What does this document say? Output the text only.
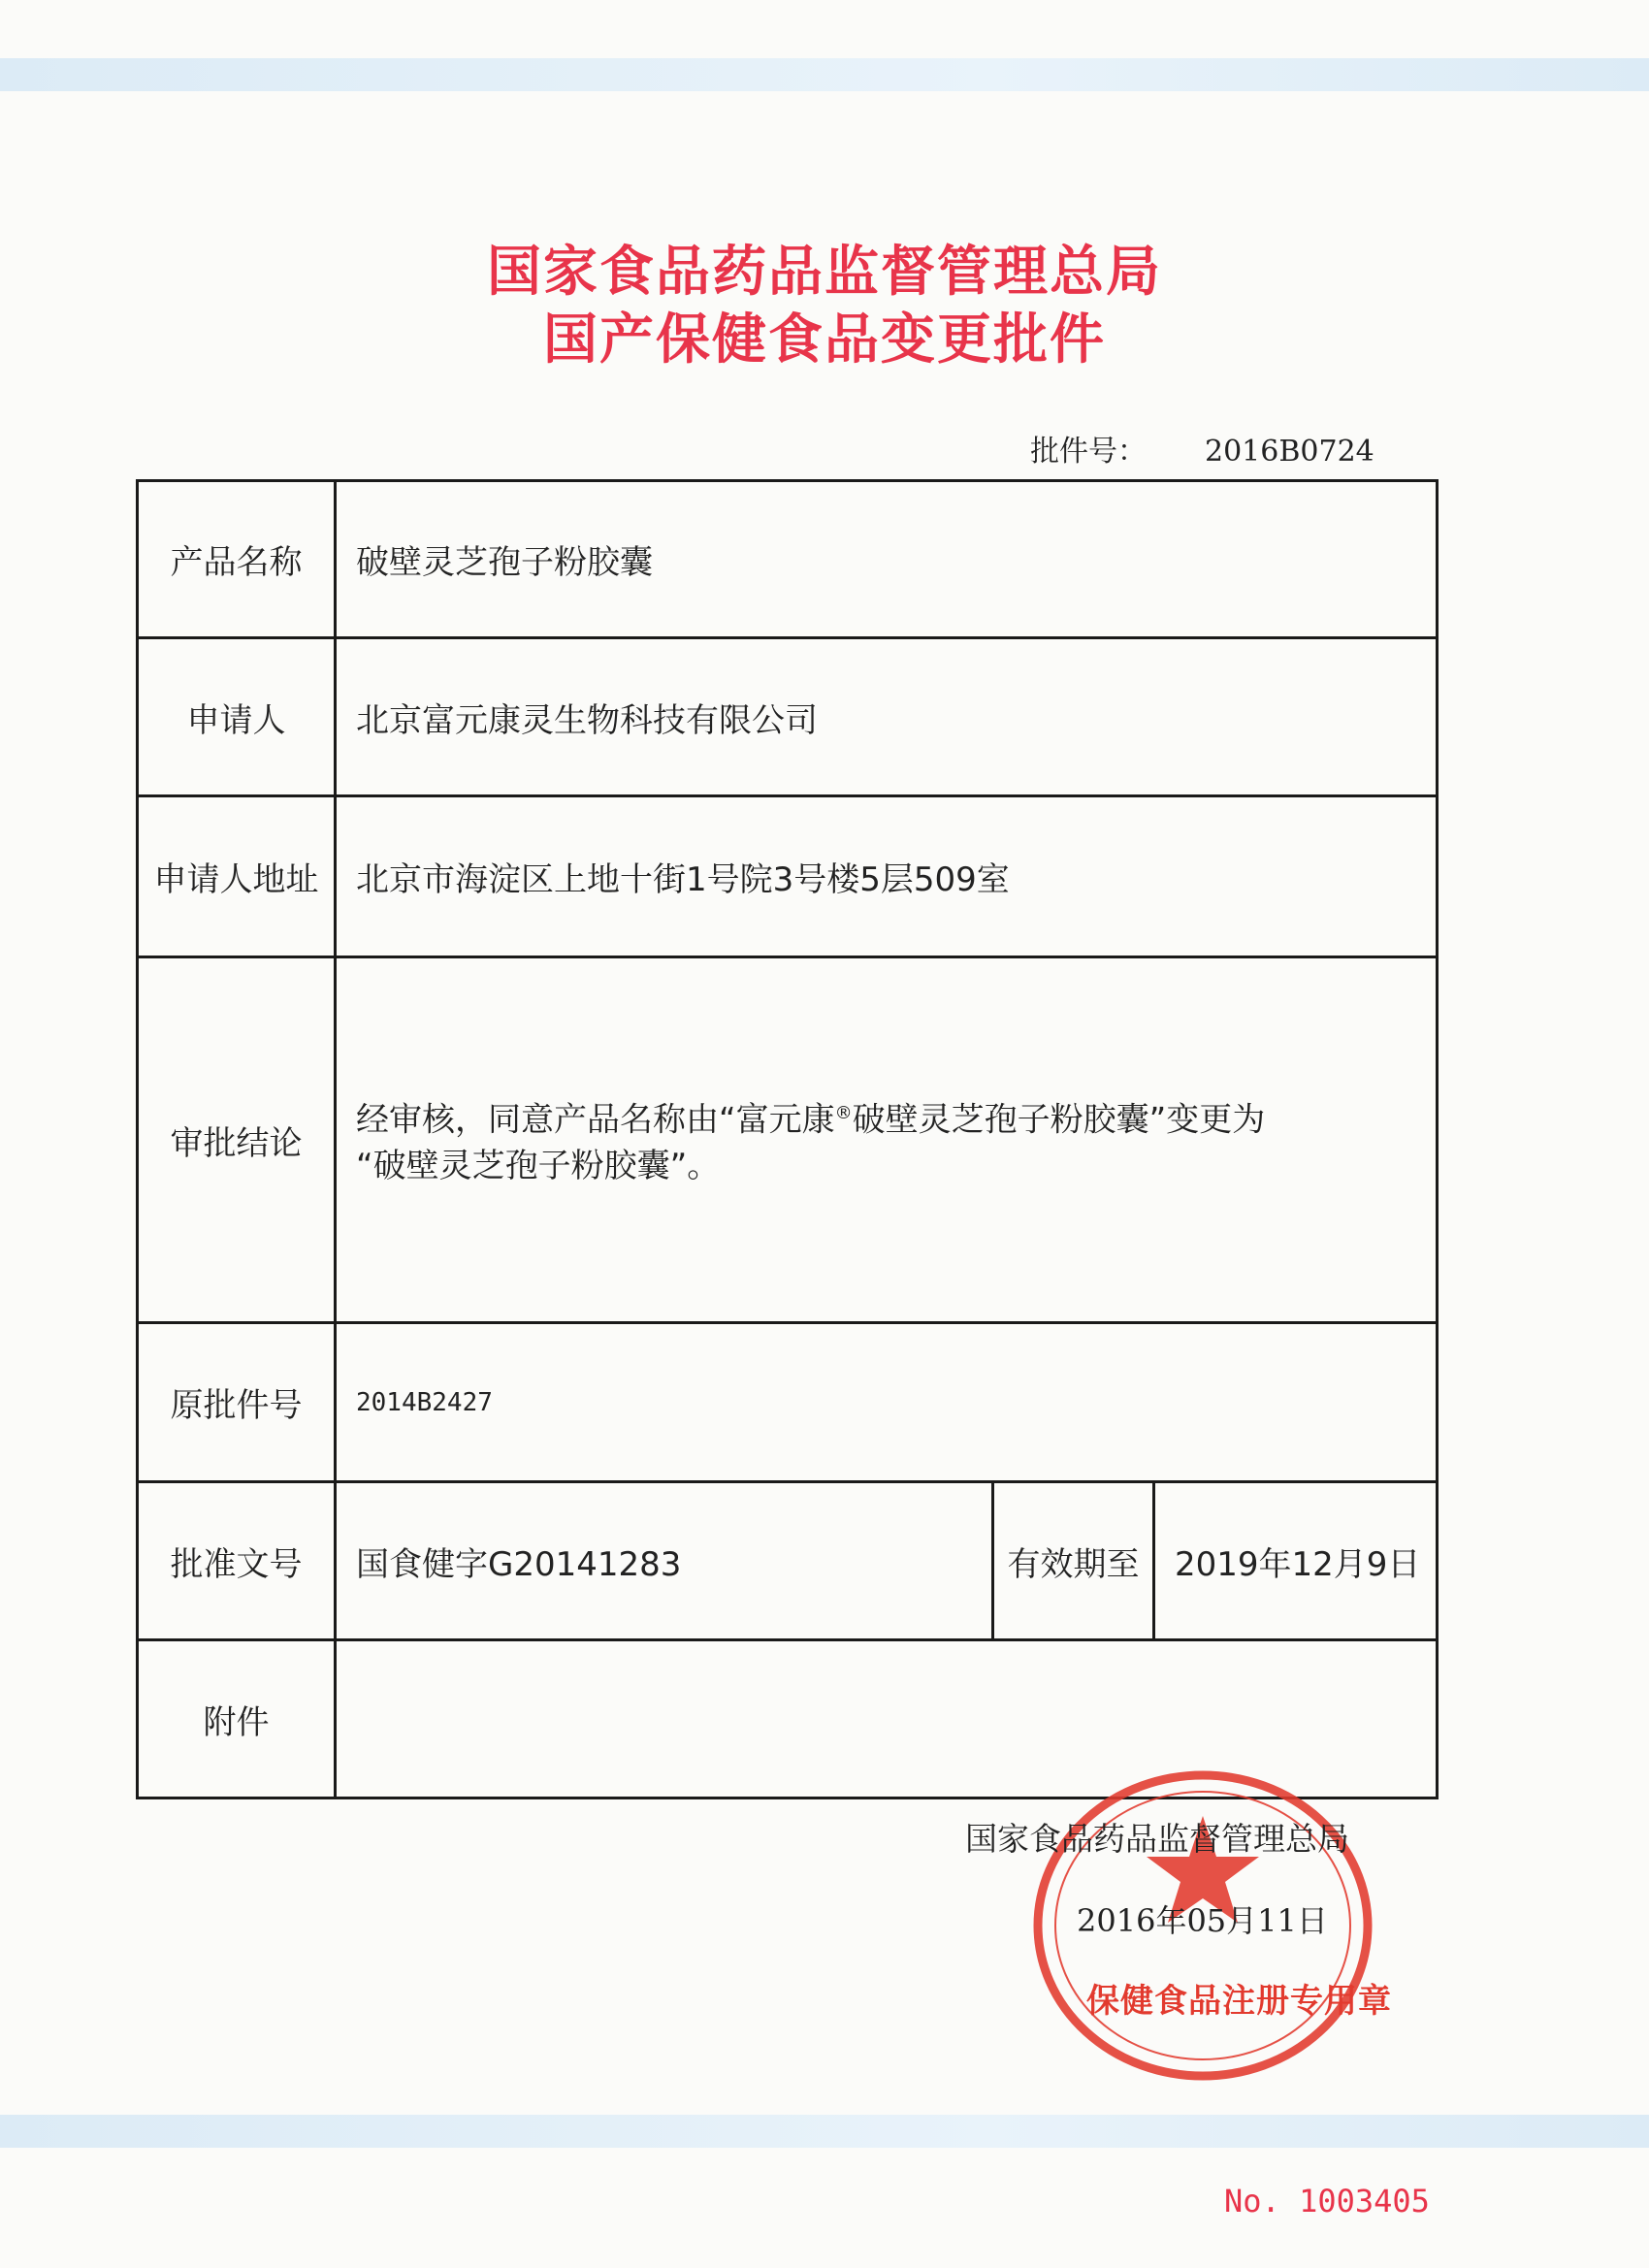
国家食品药品监督管理总局
国产保健食品变更批件
批件号： 2016B0724
产品名称	破壁灵芝孢子粉胶囊		
申请人	北京富元康灵生物科技有限公司		
申请人地址	北京市海淀区上地十街1号院3号楼5层509室		
审批结论	经审核，同意产品名称由“富元康®破壁灵芝孢子粉胶囊”变更为
“破壁灵芝孢子粉胶囊”。		
原批件号	2014B2427		
批准文号	国食健字G20141283	有效期至	2019年12月9日
附件			
保健食品注册专用章
国家食品药品监督管理总局
2016年05月11日
No. 1003405
